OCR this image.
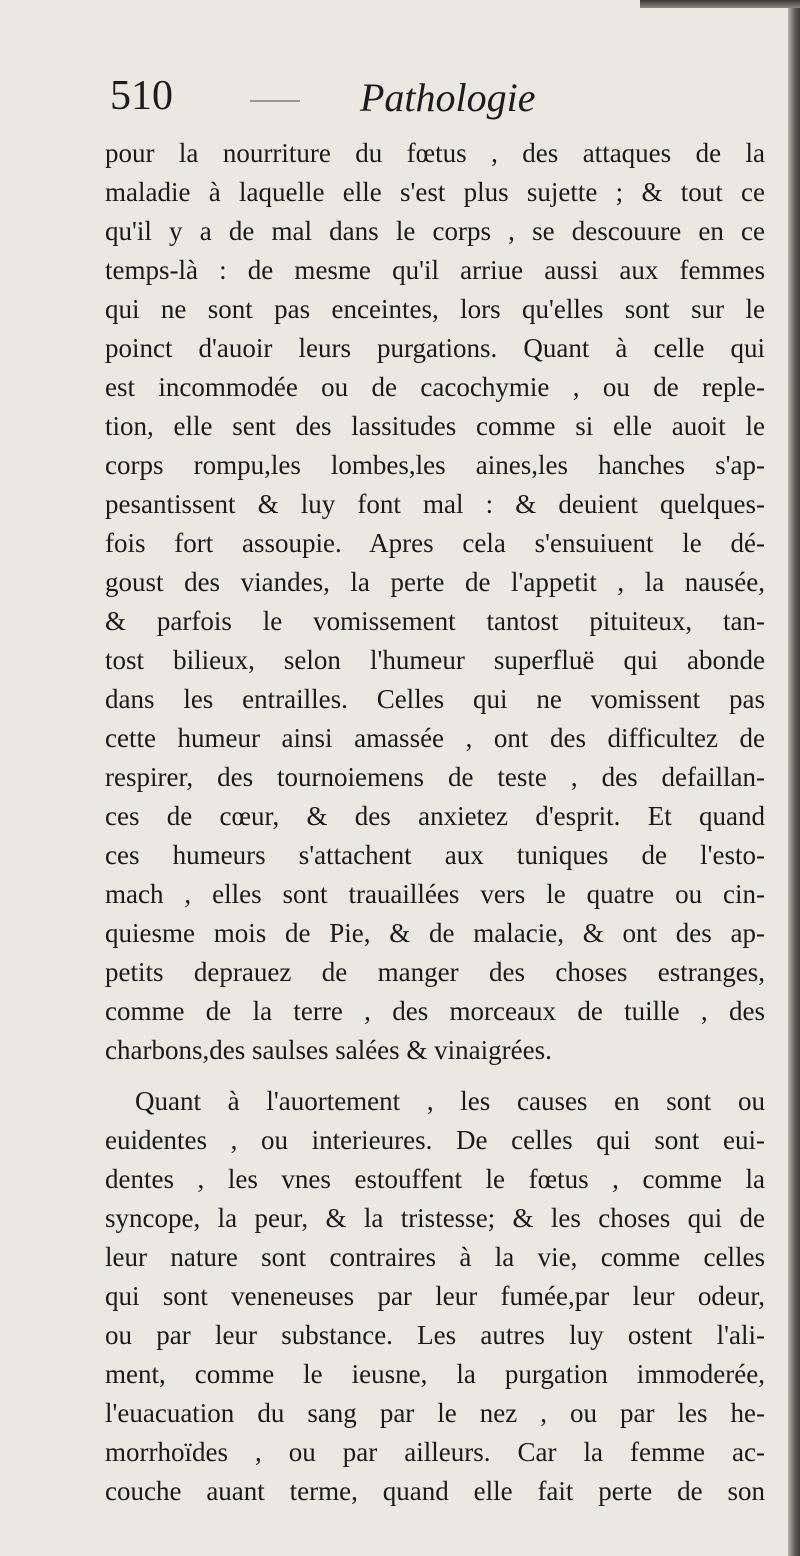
510	Pathologie
pour la nourriture du fœtus , des attaques de la
maladie à laquelle elle s'est plus sujette ; & tout ce
qu'il y a de mal dans le corps , se descouure en ce
temps-là : de mesme qu'il arriue aussi aux femmes
qui ne sont pas enceintes, lors qu'elles sont sur le
poinct d'auoir leurs purgations. Quant à celle qui
est incommodée ou de cacochymie , ou de reple-
tion, elle sent des lassitudes comme si elle auoit le
corps rompu,les lombes,les aines,les hanches s'ap-
pesantissent & luy font mal : & deuient quelques-
fois fort assoupie. Apres cela s'ensuiuent le dé-
goust des viandes, la perte de l'appetit , la nausée,
& parfois le vomissement tantost pituiteux, tan-
tost bilieux, selon l'humeur superfluë qui abonde
dans les entrailles. Celles qui ne vomissent pas
cette humeur ainsi amassée , ont des difficultez de
respirer, des tournoiemens de teste , des defaillan-
ces de cœur, & des anxietez d'esprit. Et quand
ces humeurs s'attachent aux tuniques de l'esto-
mach , elles sont trauaillées vers le quatre ou cin-
quiesme mois de Pie, & de malacie, & ont des ap-
petits deprauez de manger des choses estranges,
comme de la terre , des morceaux de tuille , des
charbons,des saulses salées & vinaigrées.
Quant à l'auortement , les causes en sont ou
euidentes , ou interieures. De celles qui sont eui-
dentes , les vnes estouffent le fœtus , comme la
syncope, la peur, & la tristesse; & les choses qui de
leur nature sont contraires à la vie, comme celles
qui sont veneneuses par leur fumée,par leur odeur,
ou par leur substance. Les autres luy ostent l'ali-
ment, comme le ieusne, la purgation immoderée,
l'euacuation du sang par le nez , ou par les he-
morrhoïdes , ou par ailleurs. Car la femme ac-
couche auant terme, quand elle fait perte de son
